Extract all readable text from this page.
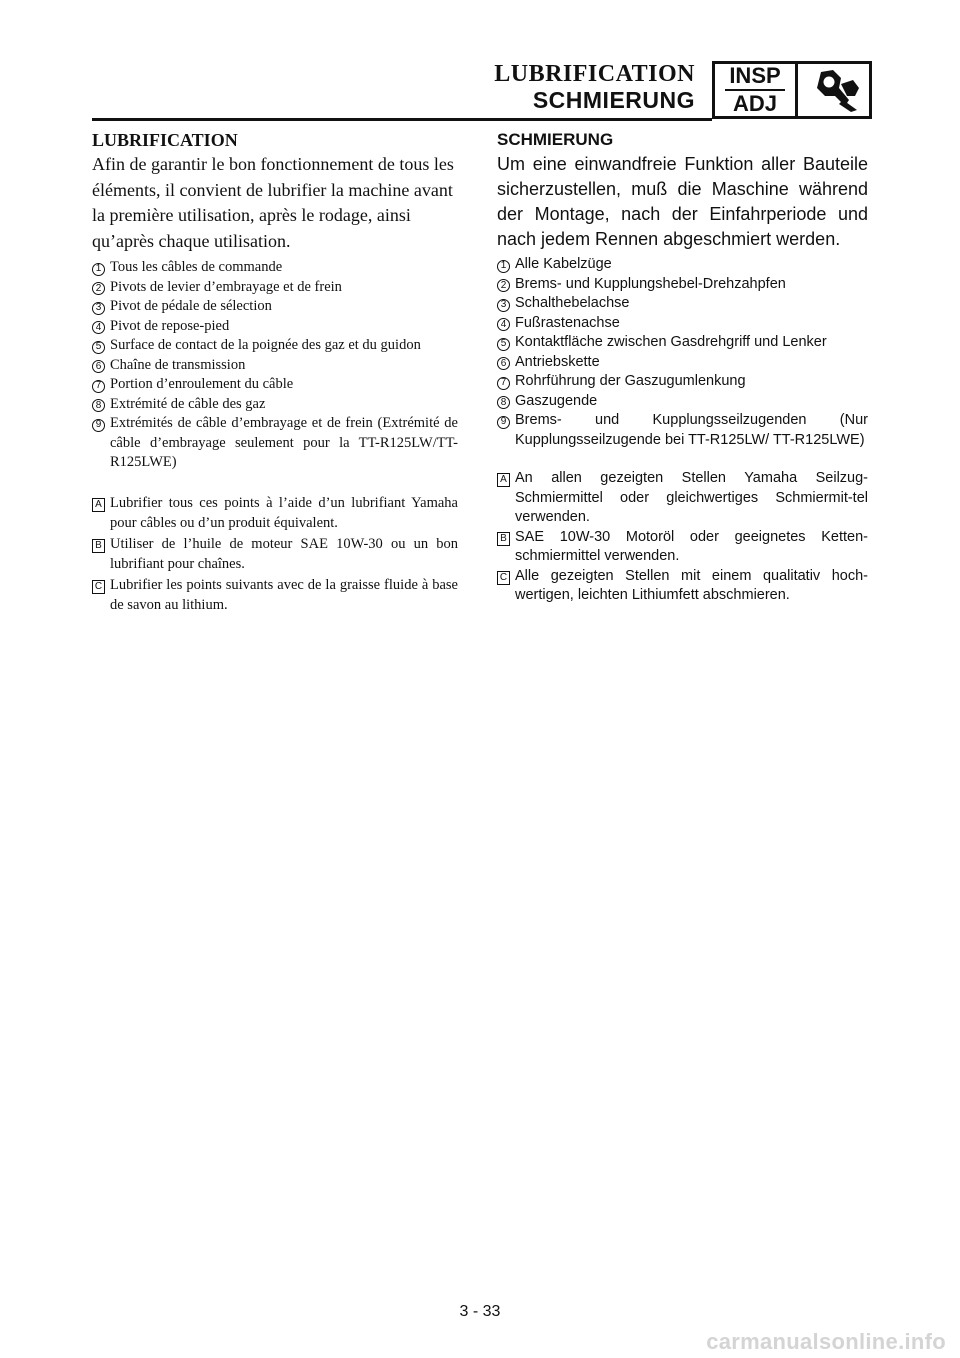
LUBRIFICATION
SCHMIERUNG
INSP
ADJ
LUBRIFICATION

Afin de garantir le bon fonctionnement de tous les éléments, il convient de lubrifier la machine avant la première utilisation, après le rodage, ainsi qu’après chaque utilisation.

1 Tous les câbles de commande
2 Pivots de levier d’embrayage et de frein
3 Pivot de pédale de sélection
4 Pivot de repose-pied
5 Surface de contact de la poignée des gaz et du guidon
6 Chaîne de transmission
7 Portion d’enroulement du câble
8 Extrémité de câble des gaz
9 Extrémités de câble d’embrayage et de frein (Extrémité de câble d’embrayage seulement pour la TT-R125LW/TT-R125LWE)
A Lubrifier tous ces points à l’aide d’un lubrifiant Yamaha pour câbles ou d’un produit équivalent.
B Utiliser de l’huile de moteur SAE 10W-30 ou un bon lubrifiant pour chaînes.
C Lubrifier les points suivants avec de la graisse fluide à base de savon au lithium.
SCHMIERUNG

Um eine einwandfreie Funktion aller Bauteile sicherzustellen, muß die Maschine während der Montage, nach der Einfahrperiode und nach jedem Rennen abgeschmiert werden.

1 Alle Kabelzüge
2 Brems- und Kupplungshebel-Drehzahpfen
3 Schalthebelachse
4 Fußrastenachse
5 Kontaktfläche zwischen Gasdrehgriff und Lenker
6 Antriebskette
7 Rohrführung der Gaszugumlenkung
8 Gaszugende
9 Brems- und Kupplungsseilzugenden (Nur Kupplungsseilzugende bei TT-R125LW/ TT-R125LWE)
A An allen gezeigten Stellen Yamaha Seilzug-Schmiermittel oder gleichwertiges Schmiermit-tel verwenden.
B SAE 10W-30 Motoröl oder geeignetes Ketten-schmiermittel verwenden.
C Alle gezeigten Stellen mit einem qualitativ hoch-wertigen, leichten Lithiumfett abschmieren.
3 - 33
carmanualsonline.info
